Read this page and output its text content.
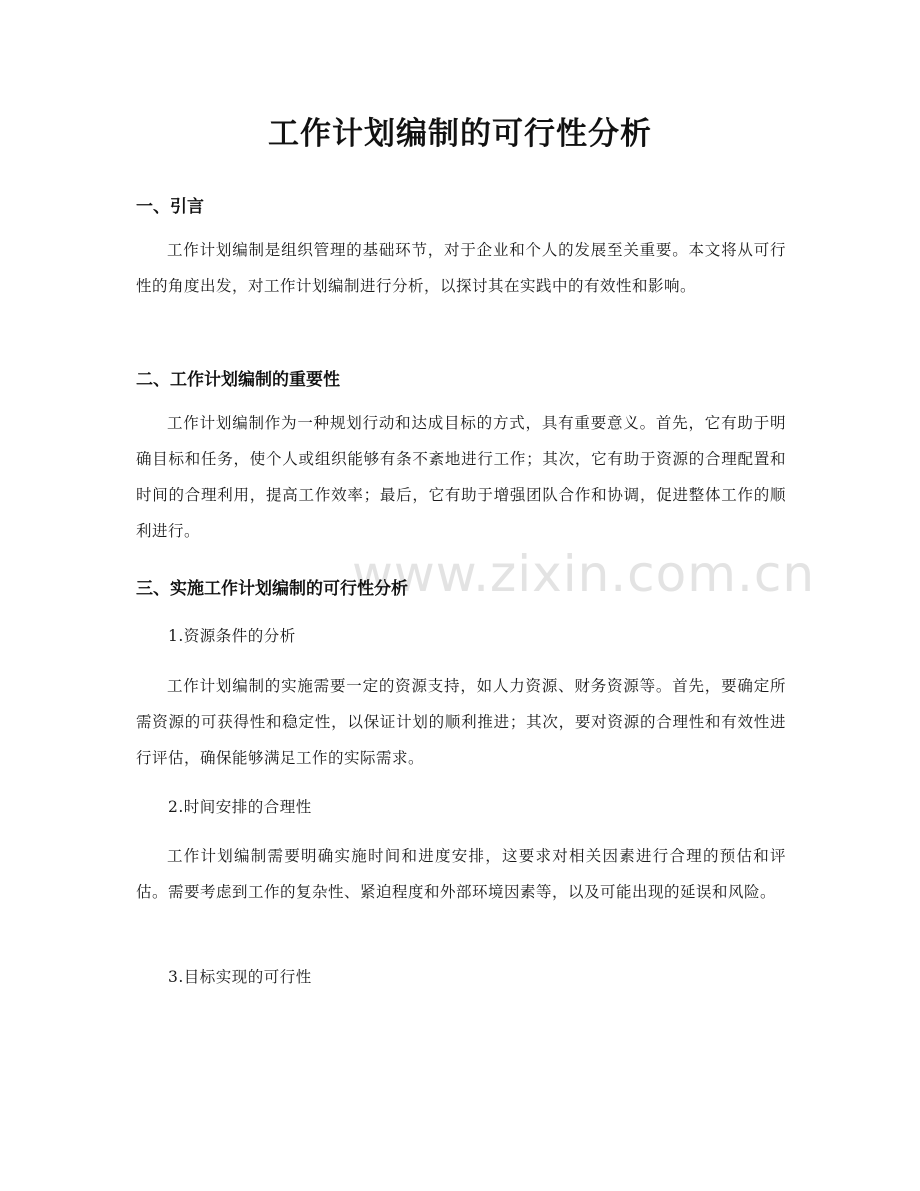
www.zixin.com.cn
工作计划编制的可行性分析
一、引言
工作计划编制是组织管理的基础环节，对于企业和个人的发展至关重要。本文将从可行性的角度出发，对工作计划编制进行分析，以探讨其在实践中的有效性和影响。
二、工作计划编制的重要性
工作计划编制作为一种规划行动和达成目标的方式，具有重要意义。首先，它有助于明确目标和任务，使个人或组织能够有条不紊地进行工作；其次，它有助于资源的合理配置和时间的合理利用，提高工作效率；最后，它有助于增强团队合作和协调，促进整体工作的顺利进行。
三、实施工作计划编制的可行性分析
1.资源条件的分析
工作计划编制的实施需要一定的资源支持，如人力资源、财务资源等。首先，要确定所需资源的可获得性和稳定性，以保证计划的顺利推进；其次，要对资源的合理性和有效性进行评估，确保能够满足工作的实际需求。
2.时间安排的合理性
工作计划编制需要明确实施时间和进度安排，这要求对相关因素进行合理的预估和评估。需要考虑到工作的复杂性、紧迫程度和外部环境因素等，以及可能出现的延误和风险。
3.目标实现的可行性
